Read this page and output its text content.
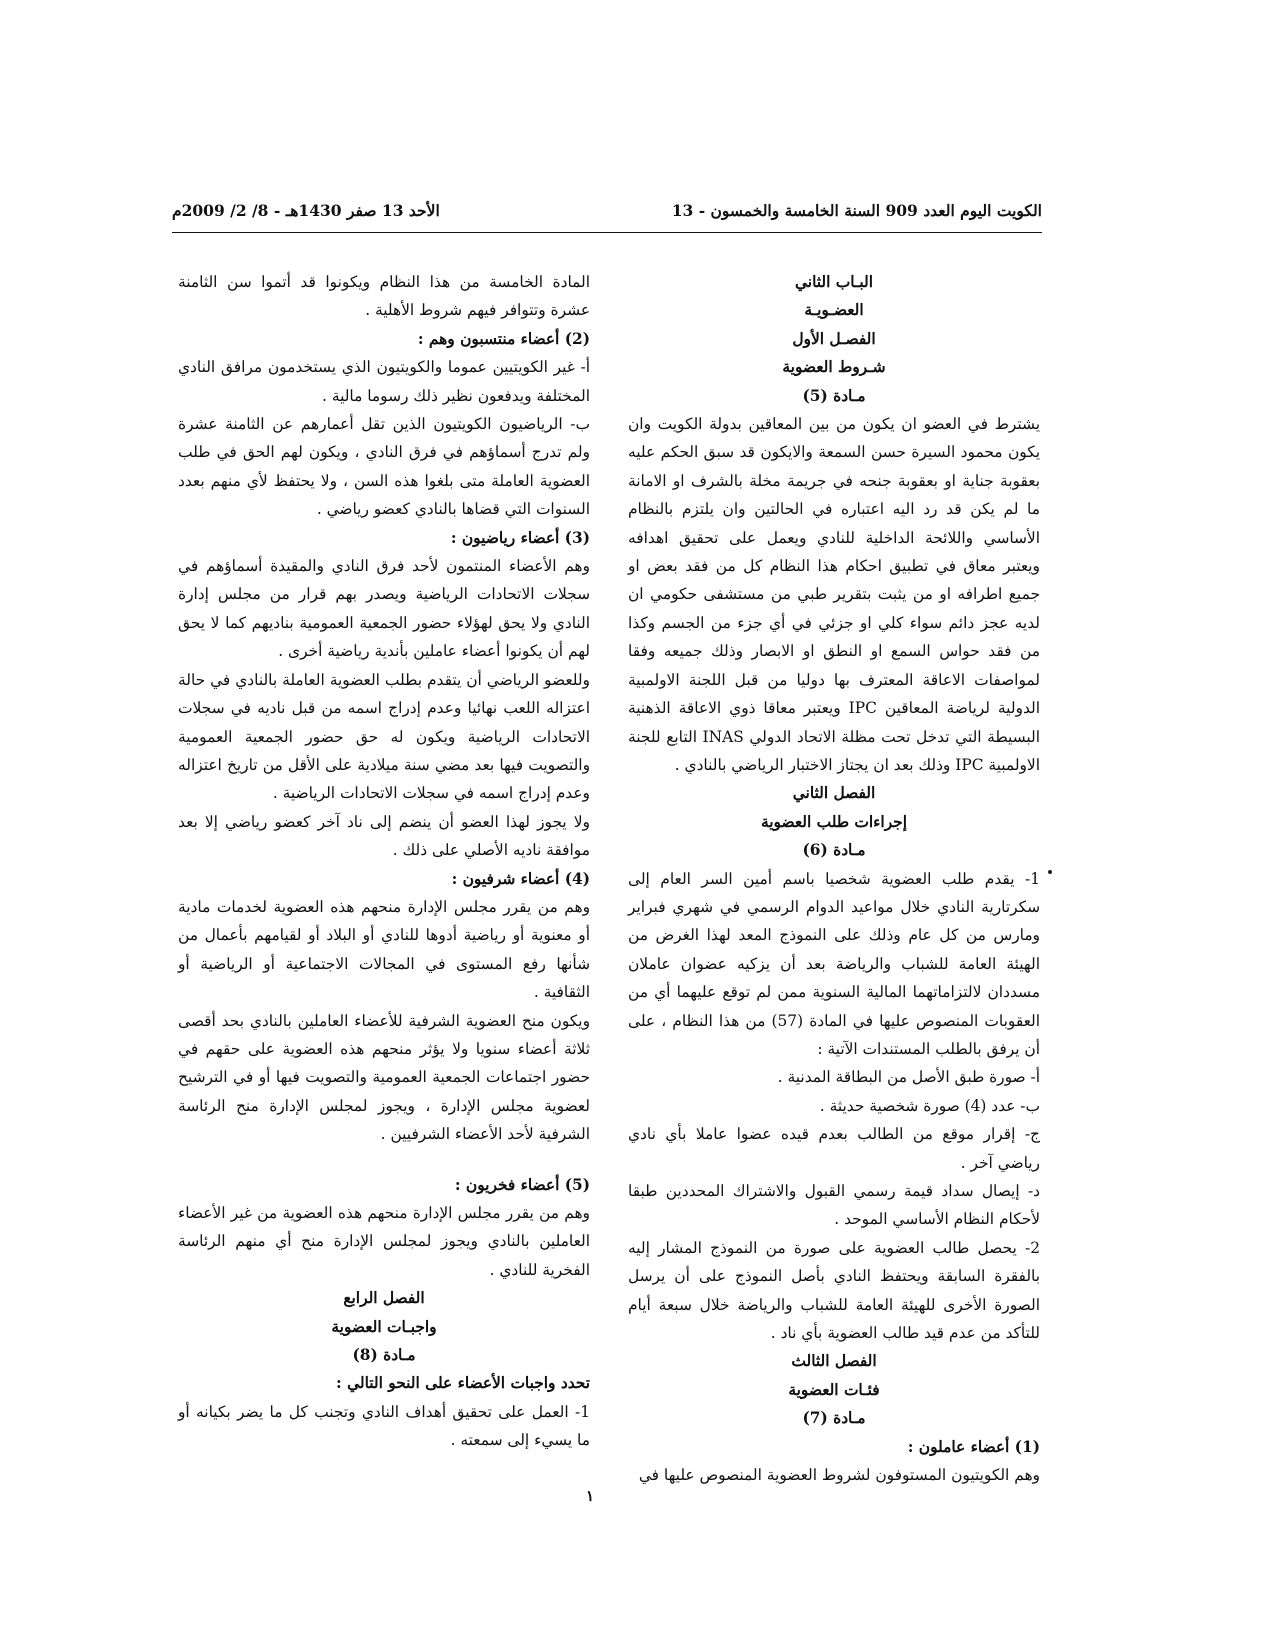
الكويت اليوم العدد 909 السنة الخامسة والخمسون - 13
الأحد 13 صفر 1430هـ - 8/ 2/ 2009م

البـاب الثاني

العضـويـة

الفصـل الأول

شـروط العضوية

مـادة (5)

يشترط في العضو ان يكون من بين المعاقين بدولة الكويت وان يكون محمود السيرة حسن السمعة والايكون قد سبق الحكم عليه بعقوبة جناية او بعقوبة جنحه في جريمة مخلة بالشرف او الامانة ما لم يكن قد رد اليه اعتباره في الحالتين وان يلتزم بالنظام الأساسي واللائحة الداخلية للنادي ويعمل على تحقيق اهدافه ويعتبر معاق في تطبيق احكام هذا النظام كل من فقد بعض او جميع اطرافه او من يثبت بتقرير طبي من مستشفى حكومي ان لديه عجز دائم سواء كلي او جزئي في أي جزء من الجسم وكذا من فقد حواس السمع او النطق او الابصار وذلك جميعه وفقا لمواصفات الاعاقة المعترف بها دوليا من قبل اللجنة الاولمبية الدولية لرياضة المعاقين IPC ويعتبر معاقا ذوي الاعاقة الذهنية البسيطة التي تدخل تحت مظلة الاتحاد الدولي INAS التابع للجنة الاولمبية IPC وذلك بعد ان يجتاز الاختبار الرياضي بالنادي .

الفصل الثاني

إجراءات طلب العضوية

مـادة (6)

1- يقدم طلب العضوية شخصيا باسم أمين السر العام إلى سكرتارية النادي خلال مواعيد الدوام الرسمي في شهري فبراير ومارس من كل عام وذلك على النموذج المعد لهذا الغرض من الهيئة العامة للشباب والرياضة بعد أن يزكيه عضوان عاملان مسددان لالتزاماتهما المالية السنوية ممن لم توقع عليهما أي من العقوبات المنصوص عليها في المادة (57) من هذا النظام ، على أن يرفق بالطلب المستندات الآتية :

أ- صورة طبق الأصل من البطاقة المدنية .

ب- عدد (4) صورة شخصية حديثة .

ج- إقرار موقع من الطالب بعدم قيده عضوا عاملا بأي نادي رياضي آخر .

د- إيصال سداد قيمة رسمي القبول والاشتراك المحددين طبقا لأحكام النظام الأساسي الموحد .

2- يحصل طالب العضوية على صورة من النموذج المشار إليه بالفقرة السابقة ويحتفظ النادي بأصل النموذج على أن يرسل الصورة الأخرى للهيئة العامة للشباب والرياضة خلال سبعة أيام للتأكد من عدم قيد طالب العضوية بأي ناد .

الفصل الثالث

فئـات العضوية

مـادة (7)

(1) أعضاء عاملون :

وهم الكويتيون المستوفون لشروط العضوية المنصوص عليها في

المادة الخامسة من هذا النظام ويكونوا قد أتموا سن الثامنة عشرة وتتوافر فيهم شروط الأهلية .

(2) أعضاء منتسبون وهم :

أ- غير الكويتيين عموما والكويتيون الذي يستخدمون مرافق النادي المختلفة ويدفعون نظير ذلك رسوما مالية .

ب- الرياضيون الكويتيون الذين تقل أعمارهم عن الثامنة عشرة ولم تدرج أسماؤهم في فرق النادي ، ويكون لهم الحق في طلب العضوية العاملة متى بلغوا هذه السن ، ولا يحتفظ لأي منهم بعدد السنوات التي قضاها بالنادي كعضو رياضي .

(3) أعضاء رياضيون :

وهم الأعضاء المنتمون لأحد فرق النادي والمقيدة أسماؤهم في سجلات الاتحادات الرياضية ويصدر بهم قرار من مجلس إدارة النادي ولا يحق لهؤلاء حضور الجمعية العمومية بناديهم كما لا يحق لهم أن يكونوا أعضاء عاملين بأندية رياضية أخرى .

وللعضو الرياضي أن يتقدم بطلب العضوية العاملة بالنادي في حالة اعتزاله اللعب نهائيا وعدم إدراج اسمه من قبل ناديه في سجلات الاتحادات الرياضية ويكون له حق حضور الجمعية العمومية والتصويت فيها بعد مضي سنة ميلادية على الأقل من تاريخ اعتزاله وعدم إدراج اسمه في سجلات الاتحادات الرياضية .

ولا يجوز لهذا العضو أن ينضم إلى ناد آخر كعضو رياضي إلا بعد موافقة ناديه الأصلي على ذلك .

(4) أعضاء شرفيون :

وهم من يقرر مجلس الإدارة منحهم هذه العضوية لخدمات مادية أو معنوية أو رياضية أدوها للنادي أو البلاد أو لقيامهم بأعمال من شأنها رفع المستوى في المجالات الاجتماعية أو الرياضية أو الثقافية .

ويكون منح العضوية الشرفية للأعضاء العاملين بالنادي بحد أقصى ثلاثة أعضاء سنويا ولا يؤثر منحهم هذه العضوية على حقهم في حضور اجتماعات الجمعية العمومية والتصويت فيها أو في الترشيح لعضوية مجلس الإدارة ، ويجوز لمجلس الإدارة منح الرئاسة الشرفية لأحد الأعضاء الشرفيين .

(5) أعضاء فخريون :

وهم من يقرر مجلس الإدارة منحهم هذه العضوية من غير الأعضاء العاملين بالنادي ويجوز لمجلس الإدارة منح أي منهم الرئاسة الفخرية للنادي .

الفصل الرابع

واجبـات العضوية

مـادة (8)

تحدد واجبات الأعضاء على النحو التالي :

1- العمل على تحقيق أهداف النادي وتجنب كل ما يضر بكيانه أو ما يسيء إلى سمعته .

١
